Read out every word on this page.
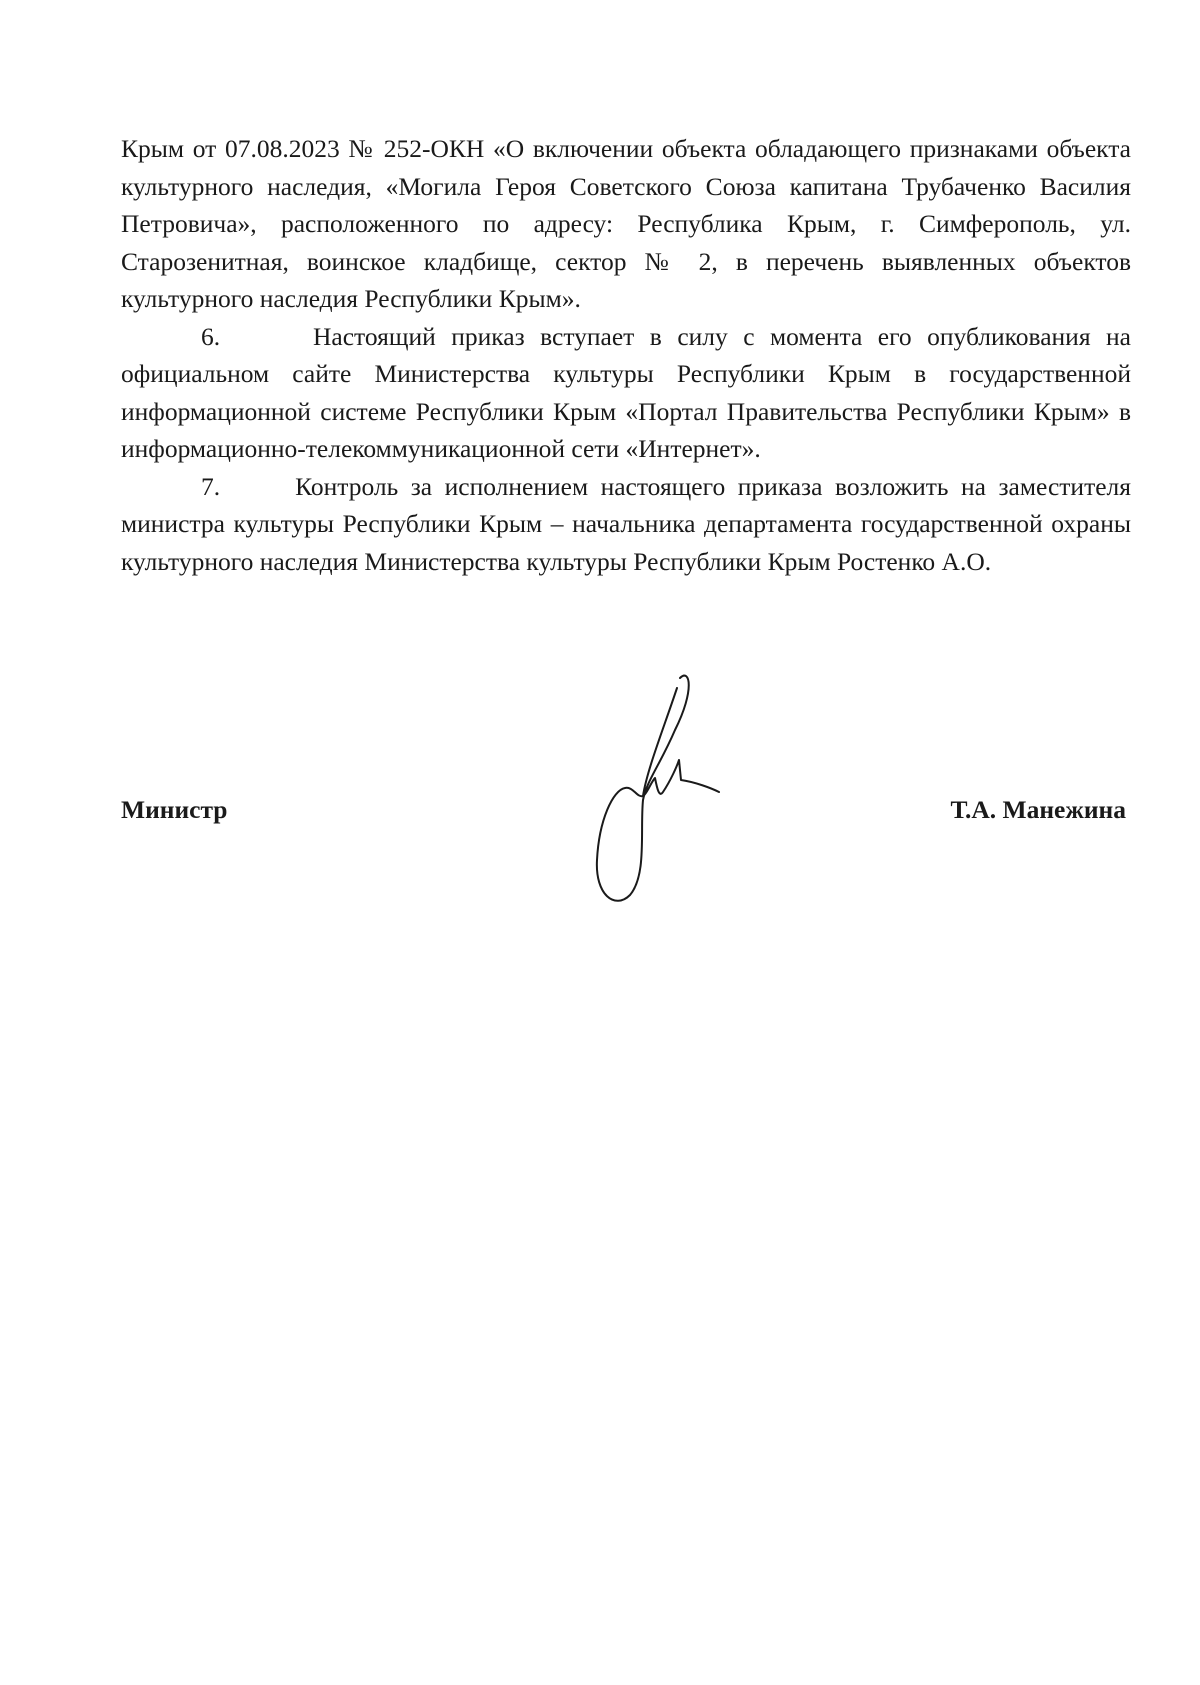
Крым от 07.08.2023 № 252-ОКН «О включении объекта обладающего признаками объекта культурного наследия, «Могила Героя Советского Союза капитана Трубаченко Василия Петровича», расположенного по адресу: Республика Крым, г. Симферополь, ул. Старозенитная, воинское кладбище, сектор № 2, в перечень выявленных объектов культурного наследия Республики Крым».

6.      Настоящий приказ вступает в силу с момента его опубликования на официальном сайте Министерства культуры Республики Крым в государственной информационной системе Республики Крым «Портал Правительства Республики Крым» в информационно-телекоммуникационной сети «Интернет».

7.      Контроль за исполнением настоящего приказа возложить на заместителя министра культуры Республики Крым – начальника департамента государственной охраны культурного наследия Министерства культуры Республики Крым Ростенко А.О.

Министр	Т.А. Манежина
